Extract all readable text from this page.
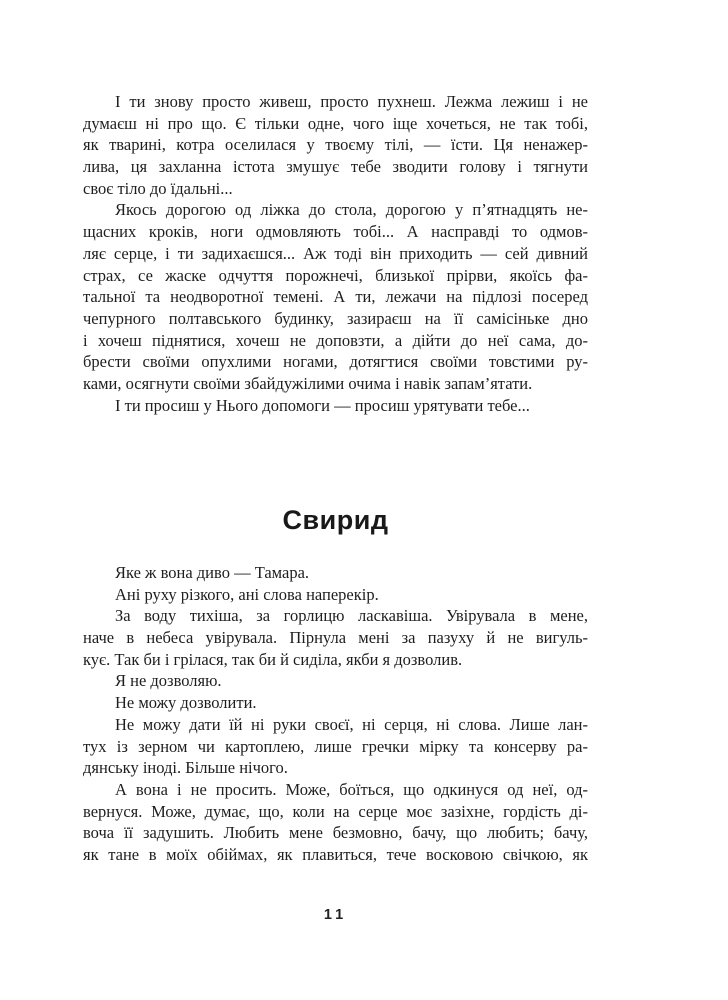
І ти знову просто живеш, просто пухнеш. Лежма лежиш і не
думаєш ні про що. Є тільки одне, чого іще хочеться, не так тобі,
як тварині, котра оселилася у твоєму тілі, — їсти. Ця ненажер-
лива, ця захланна істота змушує тебе зводити голову і тягнути
своє тіло до їдальні...
Якось дорогою од ліжка до стола, дорогою у п’ятнадцять не-
щасних кроків, ноги одмовляють тобі... А насправді то одмов-
ляє серце, і ти задихаєшся... Аж тоді він приходить — сей дивний
страх, се жаске одчуття порожнечі, близької прірви, якоїсь фа-
тальної та неодворотної темені. А ти, лежачи на підлозі посеред
чепурного полтавського будинку, зазираєш на її самісіньке дно
і хочеш піднятися, хочеш не доповзти, а дійти до неї сама, до-
брести своїми опухлими ногами, дотягтися своїми товстими ру-
ками, осягнути своїми збайдужілими очима і навік запам’ятати.
І ти просиш у Нього допомоги — просиш урятувати тебе...
Свирид
Яке ж вона диво — Тамара.
Ані руху різкого, ані слова наперекір.
За воду тихіша, за горлицю ласкавіша. Увірувала в мене,
наче в небеса увірувала. Пірнула мені за пазуху й не вигуль-
кує. Так би і грілася, так би й сиділа, якби я дозволив.
Я не дозволяю.
Не можу дозволити.
Не можу дати їй ні руки своєї, ні серця, ні слова. Лише лан-
тух із зерном чи картоплею, лише гречки мірку та консерву ра-
дянську іноді. Більше нічого.
А вона і не просить. Може, боїться, що одкинуся од неї, од-
вернуся. Може, думає, що, коли на серце моє зазіхне, гордість ді-
воча її задушить. Любить мене безмовно, бачу, що любить; бачу,
як тане в моїх обіймах, як плавиться, тече восковою свічкою, як
11
